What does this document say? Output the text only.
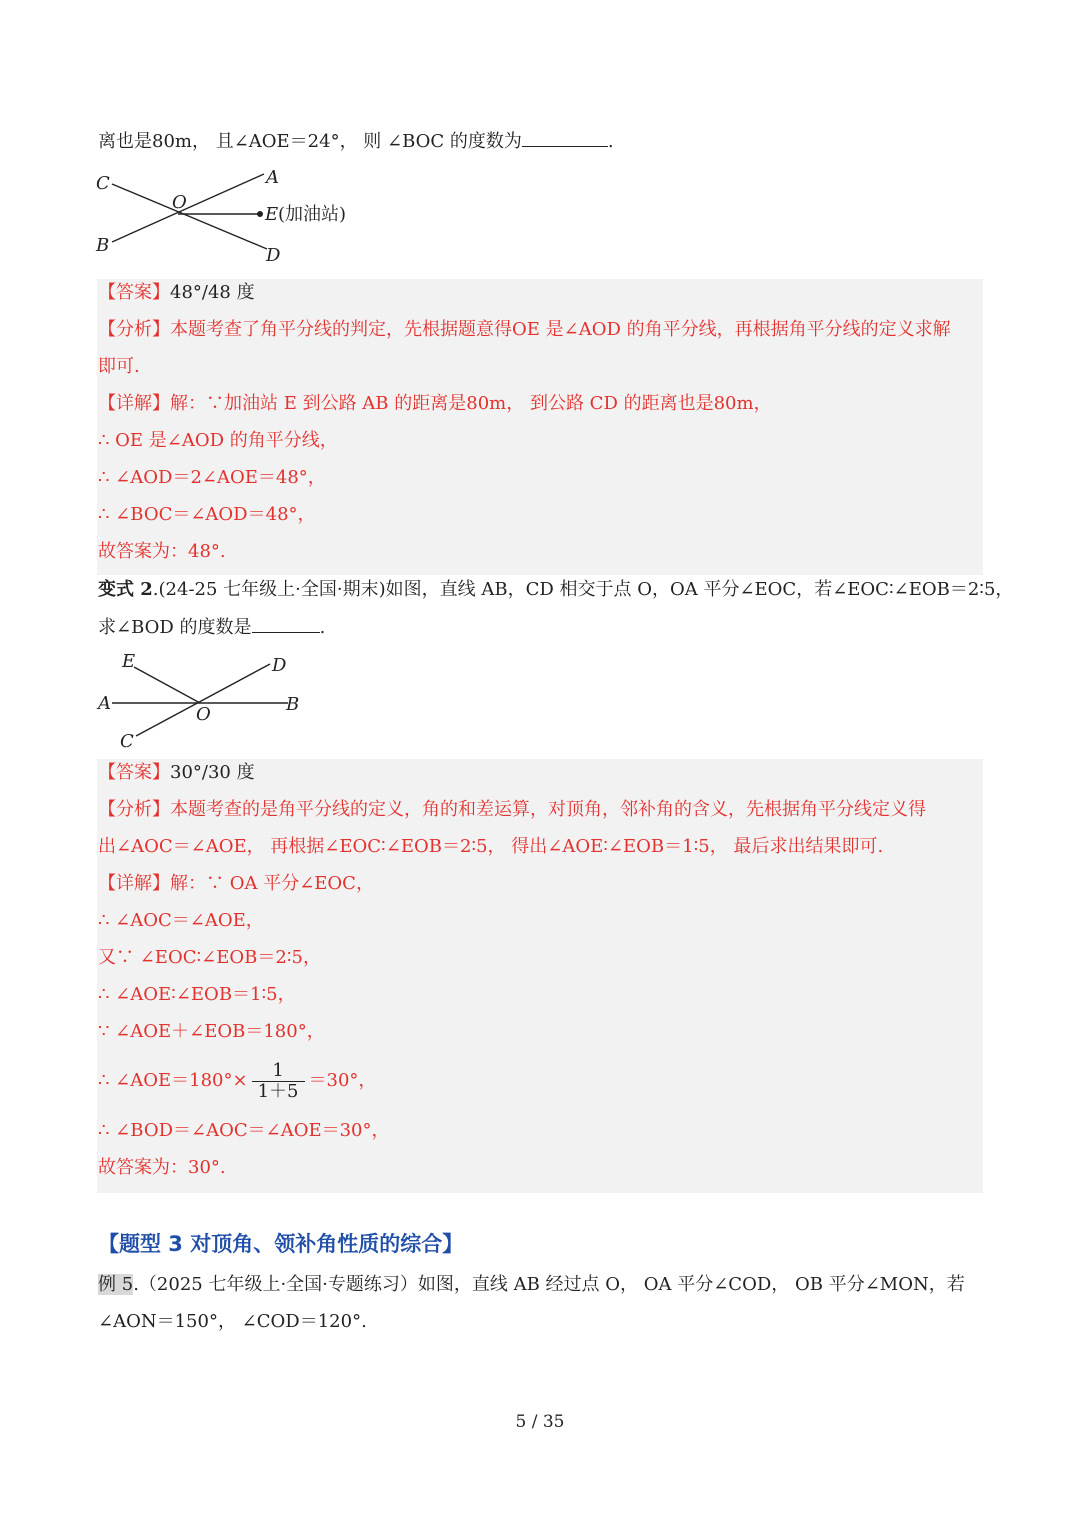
离也是80m， 且∠AOE＝24°， 则 ∠BOC 的度数为	.
C	A
O
E (加油站)
B	D
【答案】48°/48 度
【分析】本题考查了角平分线的判定，先根据题意得OE 是∠AOD 的角平分线，再根据角平分线的定义求解
即可.
【详解】解：∵加油站 E 到公路 AB 的距离是80m， 到公路 CD 的距离也是80m，
∴ OE 是∠AOD 的角平分线，
∴ ∠AOD＝2∠AOE＝48°，
∴ ∠BOC＝∠AOD＝48°，
故答案为：48°.
变式 2.(24-25 七年级上·全国·期末)如图，直线 AB，CD 相交于点 O，OA 平分∠EOC，若∠EOC∶∠EOB＝2∶5，
求∠BOD 的度数是	.
E	D
A	B
O
C
【答案】30°/30 度
【分析】本题考查的是角平分线的定义，角的和差运算，对顶角，邻补角的含义，先根据角平分线定义得
出∠AOC＝∠AOE， 再根据∠EOC∶∠EOB＝2∶5， 得出∠AOE∶∠EOB＝1∶5， 最后求出结果即可.
【详解】解：∵ OA 平分∠EOC，
∴ ∠AOC＝∠AOE，
又∵ ∠EOC∶∠EOB＝2∶5，
∴ ∠AOE∶∠EOB＝1∶5，
∵ ∠AOE＋∠EOB＝180°，
∴ ∠AOE＝180°× $\frac{1}{1+5} =30^\circ$，
∴ ∠BOD＝∠AOC＝∠AOE＝30°，
故答案为：30°.
【题型 3 对顶角、领补角性质的综合】
例 5.（2025 七年级上·全国·专题练习）如图，直线 AB 经过点 O， OA 平分∠COD， OB 平分∠MON，若
∠AON＝150°， ∠COD＝120°.
5 / 35
